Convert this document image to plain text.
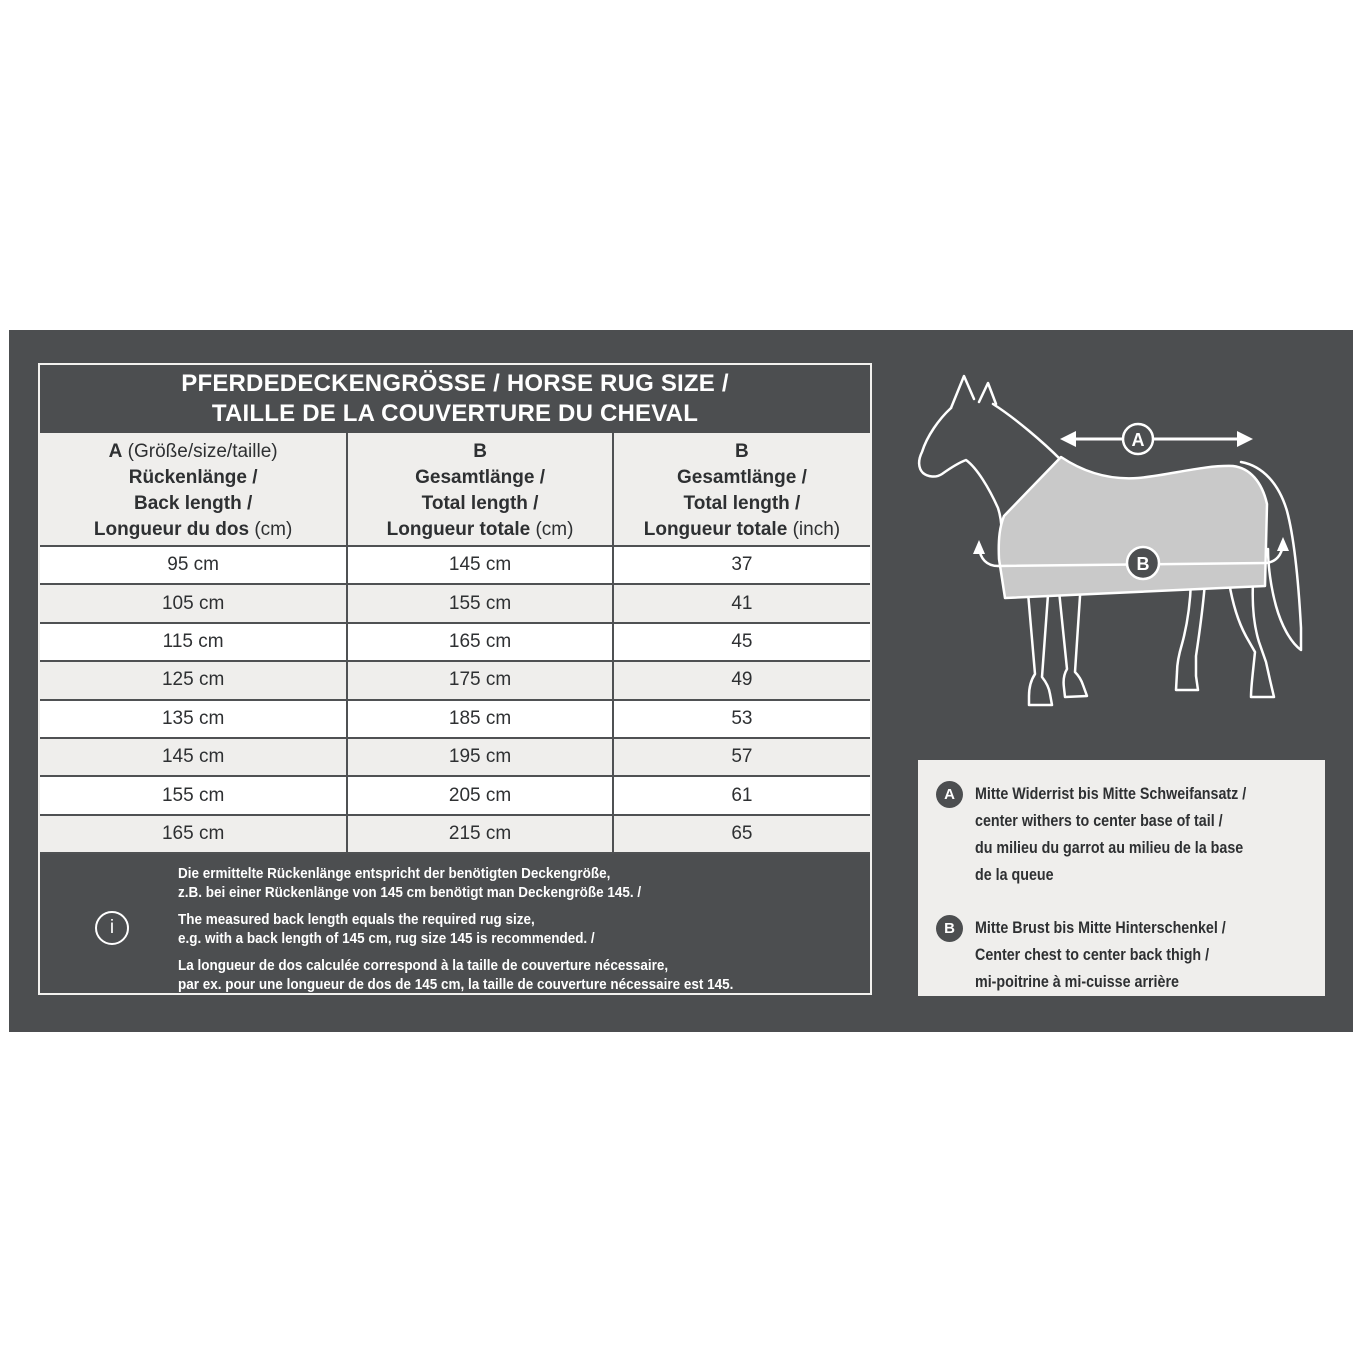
PFERDEDECKENGRÖSSE / HORSE RUG SIZE /
TAILLE DE LA COUVERTURE DU CHEVAL
A (Größe/size/taille)
Rückenlänge /
Back length /
Longueur du dos (cm)
B
Gesamtlänge /
Total length /
Longueur totale (cm)
B
Gesamtlänge /
Total length /
Longueur totale (inch)
95 cm	145 cm	37
105 cm	155 cm	41
115 cm	165 cm	45
125 cm	175 cm	49
135 cm	185 cm	53
145 cm	195 cm	57
155 cm	205 cm	61
165 cm	215 cm	65
i
Die ermittelte Rückenlänge entspricht der benötigten Deckengröße,
z.B. bei einer Rückenlänge von 145 cm benötigt man Deckengröße 145. /
The measured back length equals the required rug size,
e.g. with a back length of 145 cm, rug size 145 is recommended. /
La longueur de dos calculée correspond à la taille de couverture nécessaire,
par ex. pour une longueur de dos de 145 cm, la taille de couverture nécessaire est 145.
A
B
A	Mitte Widerrist bis Mitte Schweifansatz /
center withers to center base of tail /
du milieu du garrot au milieu de la base
de la queue
B	Mitte Brust bis Mitte Hinterschenkel /
Center chest to center back thigh /
mi-poitrine à mi-cuisse arrière
